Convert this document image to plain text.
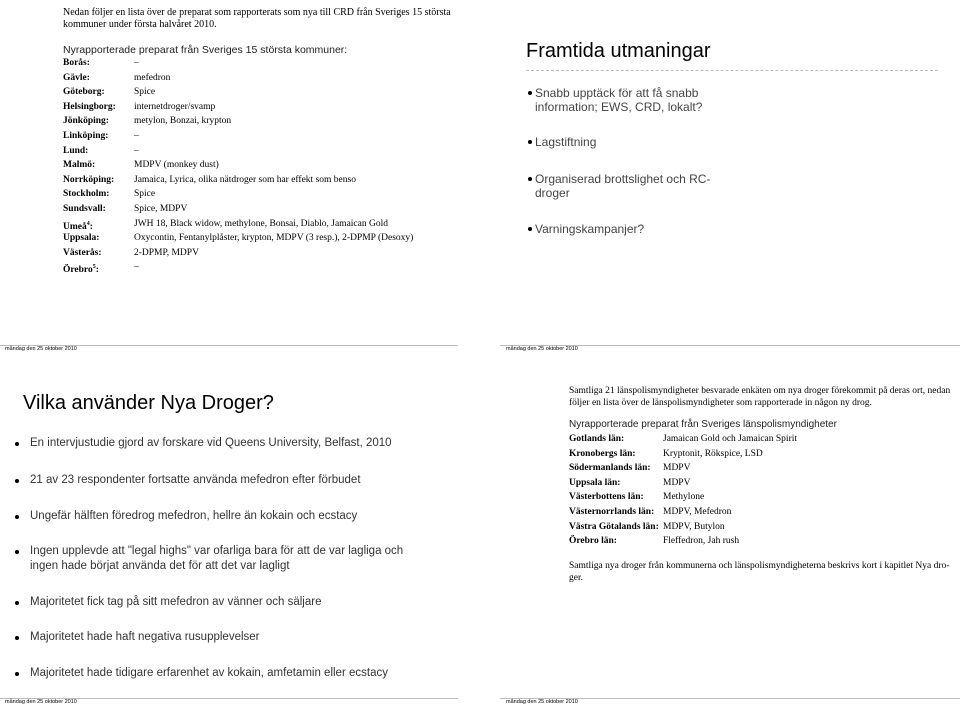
Nedan följer en lista över de preparat som rapporterats som nya till CRD från Sveriges 15 största kommuner under första halvåret 2010.
Nyrapporterade preparat från Sveriges 15 största kommuner:
Borås:	–
Gävle:	mefedron
Göteborg:	Spice
Helsingborg: internetdroger/svamp
Jönköping:	metylon, Bonzai, krypton
Linköping:	–
Lund:	–
Malmö:	MDPV (monkey dust)
Norrköping: Jamaica, Lyrica, olika nätdroger som har effekt som benso
Stockholm:	Spice
Sundsvall:	Spice, MDPV
Umeå$^4$:	JWH 18, Black widow, methylone, Bonsai, Diablo, Jamaican Gold
Uppsala:	Oxycontin, Fentanylplåster, krypton, MDPV (3 resp.), 2-DPMP (Desoxy)
Västerås:	2-DPMP, MDPV
Örebro$^5$:	–
måndag den 25 oktober 2010
Framtida utmaningar
Snabb upptäck för att få snabb
information; EWS, CRD, lokalt?
Lagstiftning
Organiserad brottslighet och RC-
droger
Varningskampanjer?
måndag den 25 oktober 2010
Vilka använder Nya Droger?
En intervjustudie gjord av forskare vid Queens University, Belfast, 2010
21 av 23 respondenter fortsatte använda mefedron efter förbudet
Ungefär hälften föredrog mefedron, hellre än kokain och ecstacy
Ingen upplevde att "legal highs" var ofarliga bara för att de var lagliga och
ingen hade börjat använda det för att det var lagligt
Majoritetet fick tag på sitt mefedron av vänner och säljare
Majoritetet hade haft negativa rusupplevelser
Majoritetet hade tidigare erfarenhet av kokain, amfetamin eller ecstacy
måndag den 25 oktober 2010
Samtliga 21 länspolismyndigheter besvarade enkäten om nya droger förekommit på deras ort, nedan
följer en lista över de länspolismyndigheter som rapporterade in någon ny drog.
Nyrapporterade preparat från Sveriges länspolismyndigheter
Gotlands län:	Jamaican Gold och Jamaican Spirit
Kronobergs län:	Kryptonit, Rökspice, LSD
Södermanlands län: MDPV
Uppsala län:	MDPV
Västerbottens län: Methylone
Västernorrlands län: MDPV, Mefedron
Västra Götalands län: MDPV, Butylon
Örebro län:	Fleffedron, Jah rush
Samtliga nya droger från kommunerna och länspolismyndigheterna beskrivs kort i kapitlet Nya dro-
ger.
måndag den 25 oktober 2010
